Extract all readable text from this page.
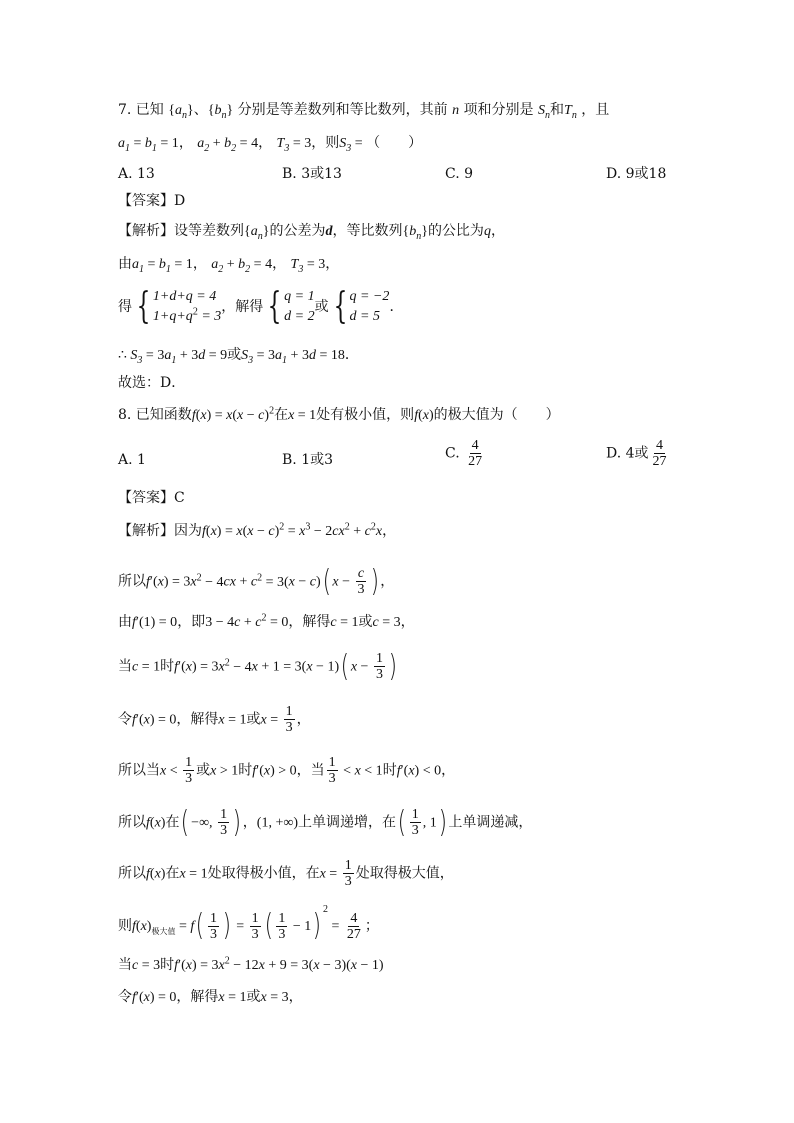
7. 已知 $\{a_n\}$、$\{b_n\}$ 分别是等差数列和等比数列，其前 n 项和分别是 $S_n$和$T_n$ ，且
$a_1 = b_1 = 1$， $a_2 + b_2 = 4$， $T_3 = 3$，则$S_3$ = （　　）
A. 13	B. 3或13	C. 9	D. 9或18
【答案】D
【解析】设等差数列$\{a_n\}$的公差为d，等比数列$\{b_n\}$的公比为q，
由$a_1 = b_1 = 1$， $a_2 + b_2 = 4$， $T_3 = 3$，
得 { 1+d+q = 4
$1+q+q^2 = 3$
，解得 { q = 1
d = 2
或 { q = −2
d = 5
．
∴ $S_3 = 3a_1 + 3d = 9$或$S_3 = 3a_1 + 3d = 18$．
故选：D．
8. 已知函数$f(x) = x(x - c)^2$在x = 1处有极小值，则f(x)的极大值为（　　）
A. 1	B. 1或3	C. $\frac{4}{27}$	D. 4或 $\frac{4}{27}$
【答案】C
【解析】因为$f(x) = x(x - c)^2 = x^3 - 2cx^2 + c^2x$，
所以$f'(x) = 3x^2 - 4cx + c^2 = 3(x - c)$( $x - \frac{c}{3}$ ) ，
由f′(1) = 0，即$3 - 4c + c^2 = 0$，解得c = 1或c = 3，
当c = 1时$f'(x) = 3x^2 - 4x + 1 = 3(x - 1)$( $x - \frac{1}{3}$ )
令f′(x) = 0，解得x = 1或$x = \frac{1}{3}$ ，
所以当$x < \frac{1}{3}$ 或x > 1时f′(x) > 0，当 $\frac{1}{3} < x < 1$时f′(x) < 0，
所以f(x)在( −∞, $\frac{1}{3}$ ) ，(1, +∞)上单调递增，在( $\frac{1}{3}$ , 1) 上单调递减，
所以f(x)在x = 1处取得极小值，在$x = \frac{1}{3}$ 处取得极大值，
则$f(x)_{极大值} = f( \frac{1}{3}$ ) = $\frac{1}{3}$ ( $\frac{1}{3} - 1$) $^2 = \frac{4}{27}$ ；
当c = 3时$f'(x) = 3x^2 - 12x + 9 = 3(x - 3)(x - 1)$
令f′(x) = 0，解得x = 1或x = 3，
